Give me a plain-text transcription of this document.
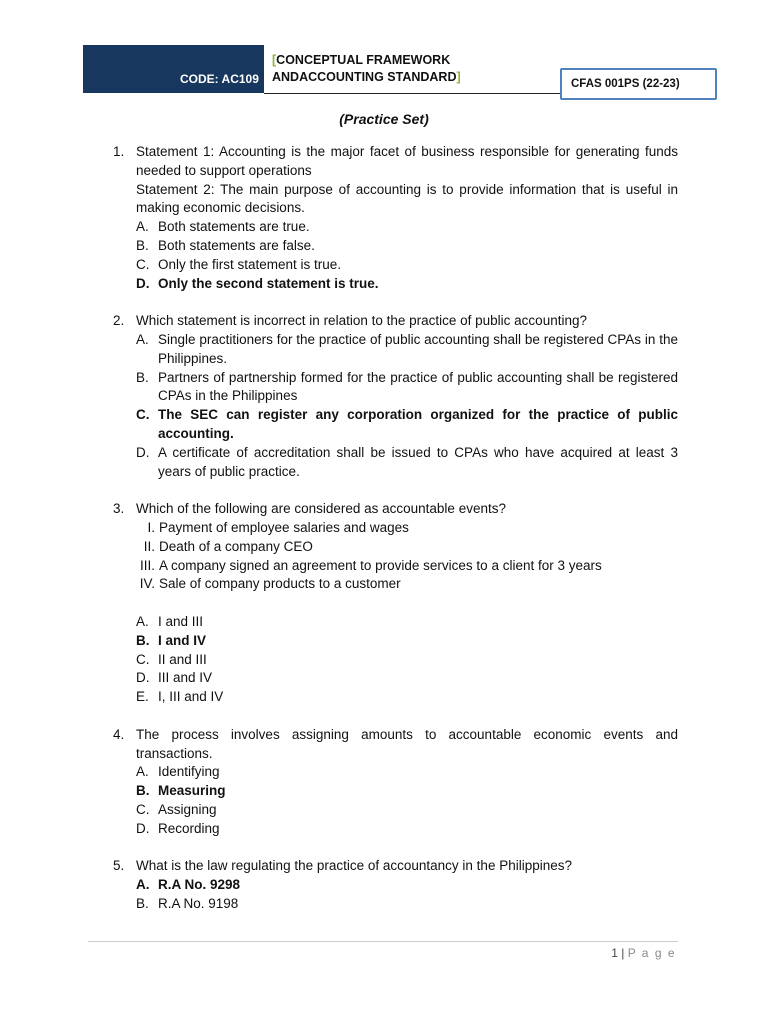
CODE: AC109
[CONCEPTUAL FRAMEWORK
ANDACCOUNTING STANDARD]	CFAS 001PS (22-23)
(Practice Set)
1. Statement 1: Accounting is the major facet of business responsible for generating funds needed to support operations
Statement 2: The main purpose of accounting is to provide information that is useful in making economic decisions.
A. Both statements are true.
B. Both statements are false.
C. Only the first statement is true.
D. Only the second statement is true.
2. Which statement is incorrect in relation to the practice of public accounting?
A. Single practitioners for the practice of public accounting shall be registered CPAs in the Philippines.
B. Partners of partnership formed for the practice of public accounting shall be registered CPAs in the Philippines
C. The SEC can register any corporation organized for the practice of public accounting.
D. A certificate of accreditation shall be issued to CPAs who have acquired at least 3 years of public practice.
3. Which of the following are considered as accountable events?
I. Payment of employee salaries and wages
II. Death of a company CEO
III. A company signed an agreement to provide services to a client for 3 years
IV. Sale of company products to a customer
A. I and III
B. I and IV
C. II and III
D. III and IV
E. I, III and IV
4. The process involves assigning amounts to accountable economic events and transactions.
A. Identifying
B. Measuring
C. Assigning
D. Recording
5. What is the law regulating the practice of accountancy in the Philippines?
A. R.A No. 9298
B. R.A No. 9198
1 | P a g e
